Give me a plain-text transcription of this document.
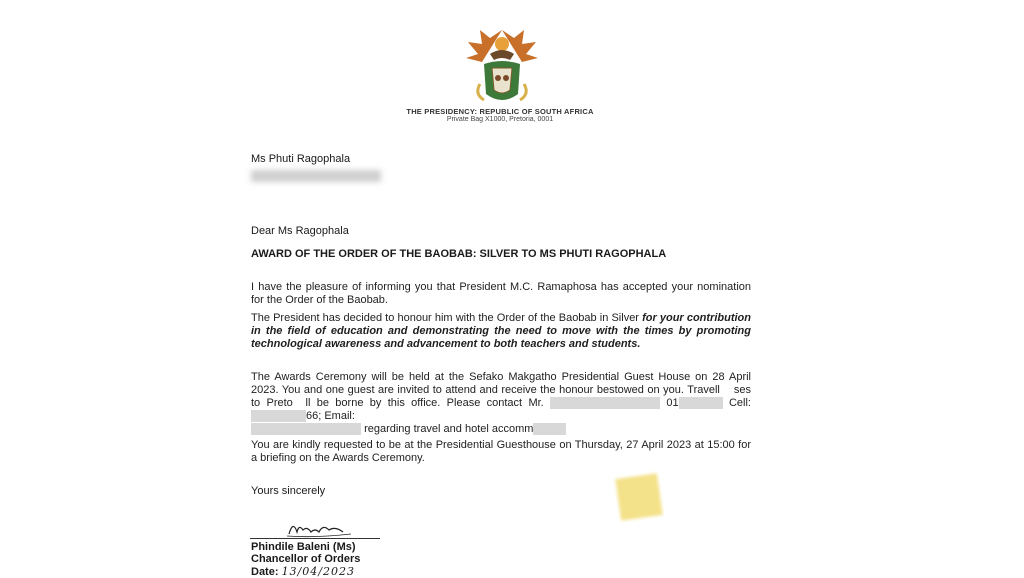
THE PRESIDENCY: REPUBLIC OF SOUTH AFRICA
Private Bag X1000, Pretoria, 0001
Ms Phuti Ragophala
Dear Ms Ragophala
AWARD OF THE ORDER OF THE BAOBAB: SILVER TO MS PHUTI RAGOPHALA
I have the pleasure of informing you that President M.C. Ramaphosa has accepted your nomination for the Order of the Baobab.
The President has decided to honour him with the Order of the Baobab in Silver for your contribution in the field of education and demonstrating the need to move with the times by promoting technological awareness and advancement to both teachers and students.
The Awards Ceremony will be held at the Sefako Makgatho Presidential Guest House on 28 April 2023. You and one guest are invited to attend and receive the honour bestowed on you. Travell ses to Preto ll be borne by this office. Please contact Mr.	01	Cell: 66; Email:
regarding travel and hotel accomm
You are kindly requested to be at the Presidential Guesthouse on Thursday, 27 April 2023 at 15:00 for a briefing on the Awards Ceremony.
Yours sincerely
Phindile Baleni (Ms)
Chancellor of Orders
Date: 13/04/2023
